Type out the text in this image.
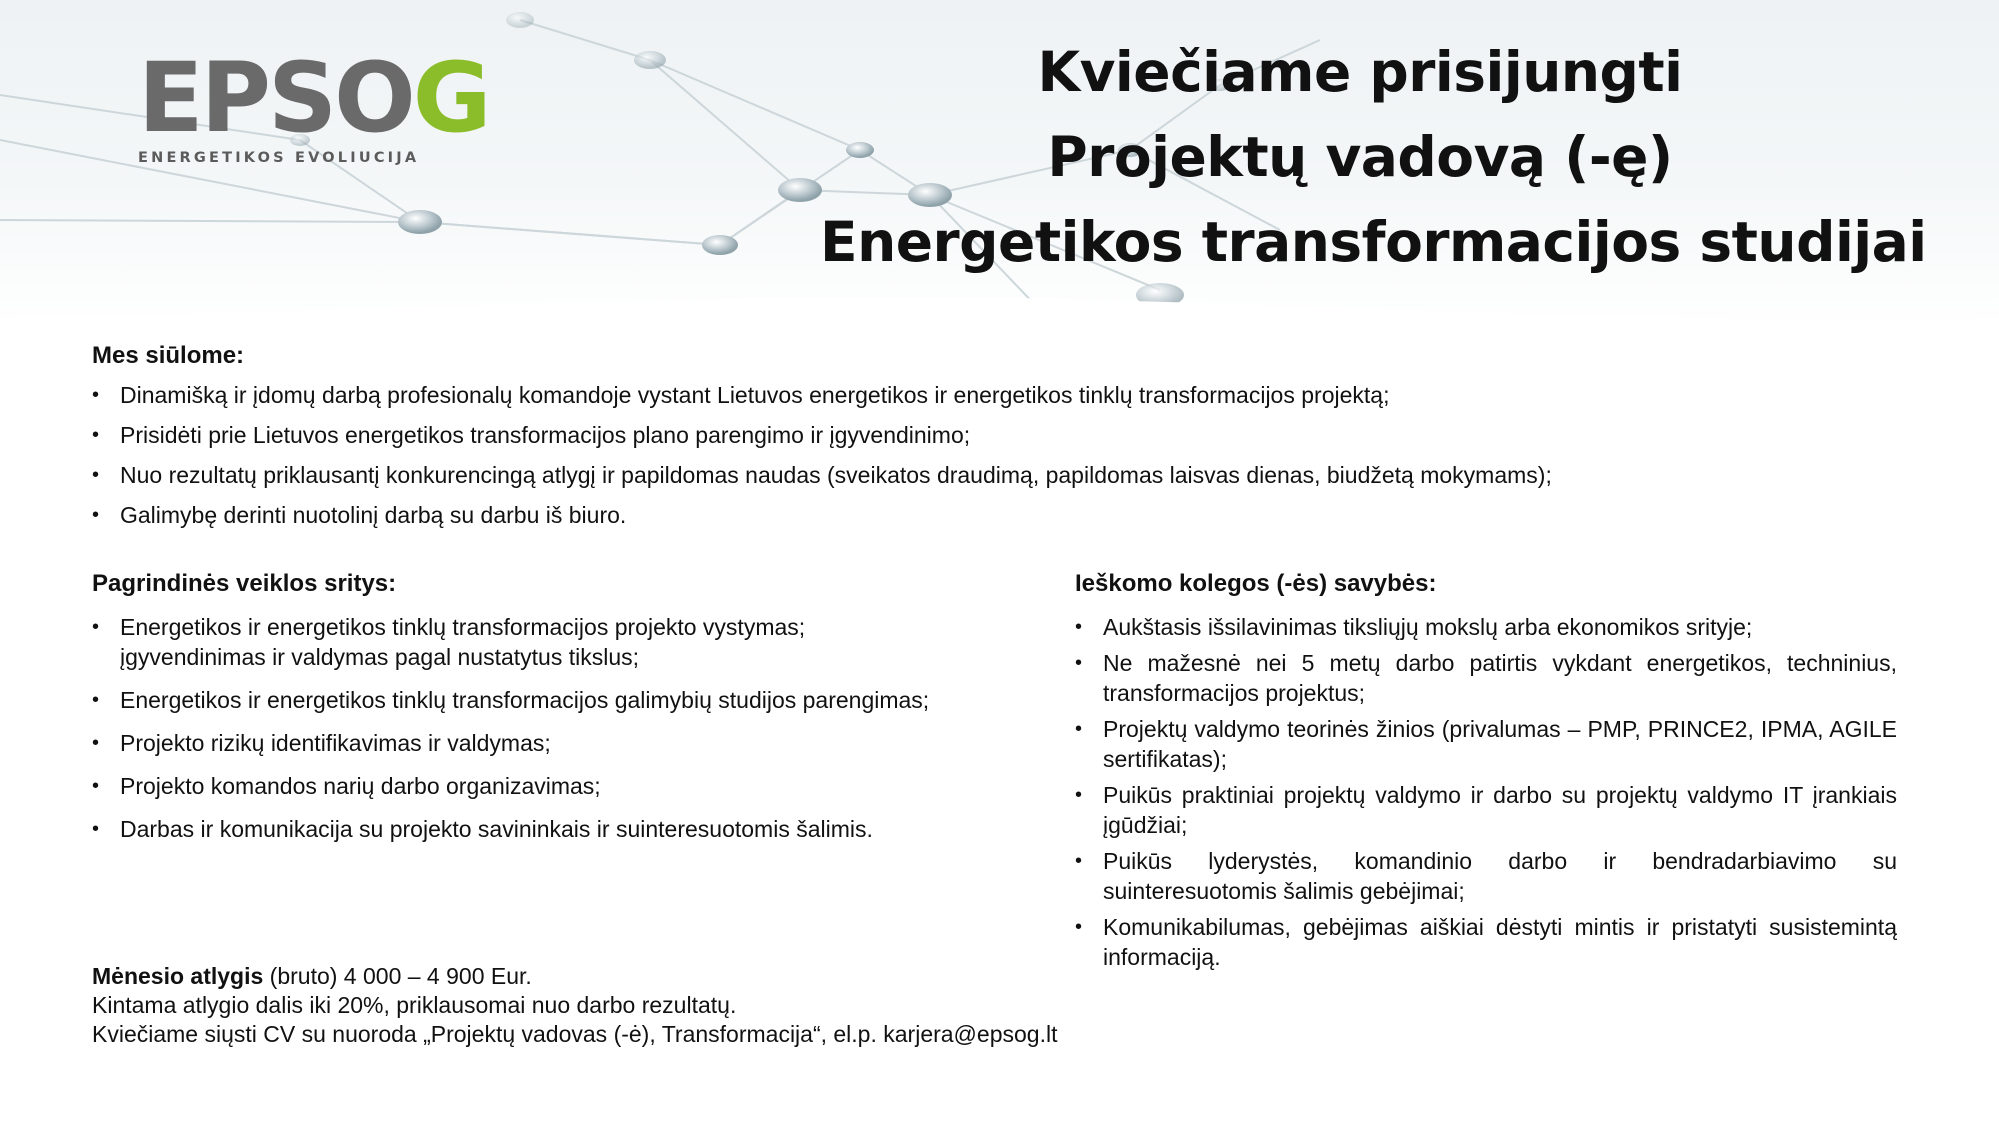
EPSOG
ENERGETIKOS EVOLIUCIJA
Kviečiame prisijungti
Projektų vadovą (-ę)
Energetikos transformacijos studijai
Mes siūlome:
• Dinamišką ir įdomų darbą profesionalų komandoje vystant Lietuvos energetikos ir energetikos tinklų transformacijos projektą;
• Prisidėti prie Lietuvos energetikos transformacijos plano parengimo ir įgyvendinimo;
• Nuo rezultatų priklausantį konkurencingą atlygį ir papildomas naudas (sveikatos draudimą, papildomas laisvas dienas, biudžetą mokymams);
• Galimybę derinti nuotolinį darbą su darbu iš biuro.
Pagrindinės veiklos sritys:
• Energetikos ir energetikos tinklų transformacijos projekto vystymas; įgyvendinimas ir valdymas pagal nustatytus tikslus;
• Energetikos ir energetikos tinklų transformacijos galimybių studijos parengimas;
• Projekto rizikų identifikavimas ir valdymas;
• Projekto komandos narių darbo organizavimas;
• Darbas ir komunikacija su projekto savininkais ir suinteresuotomis šalimis.
Ieškomo kolegos (-ės) savybės:
• Aukštasis išsilavinimas tiksliųjų mokslų arba ekonomikos srityje;
• Ne mažesnė nei 5 metų darbo patirtis vykdant energetikos, techninius, transformacijos projektus;
• Projektų valdymo teorinės žinios (privalumas – PMP, PRINCE2, IPMA, AGILE sertifikatas);
• Puikūs praktiniai projektų valdymo ir darbo su projektų valdymo IT įrankiais įgūdžiai;
• Puikūs lyderystės, komandinio darbo ir bendradarbiavimo su suinteresuotomis šalimis gebėjimai;
• Komunikabilumas, gebėjimas aiškiai dėstyti mintis ir pristatyti susistemintą informaciją.
Mėnesio atlygis (bruto) 4 000 – 4 900 Eur.
Kintama atlygio dalis iki 20%, priklausomai nuo darbo rezultatų.
Kviečiame siųsti CV su nuoroda „Projektų vadovas (-ė), Transformacija“, el.p. karjera@epsog.lt
